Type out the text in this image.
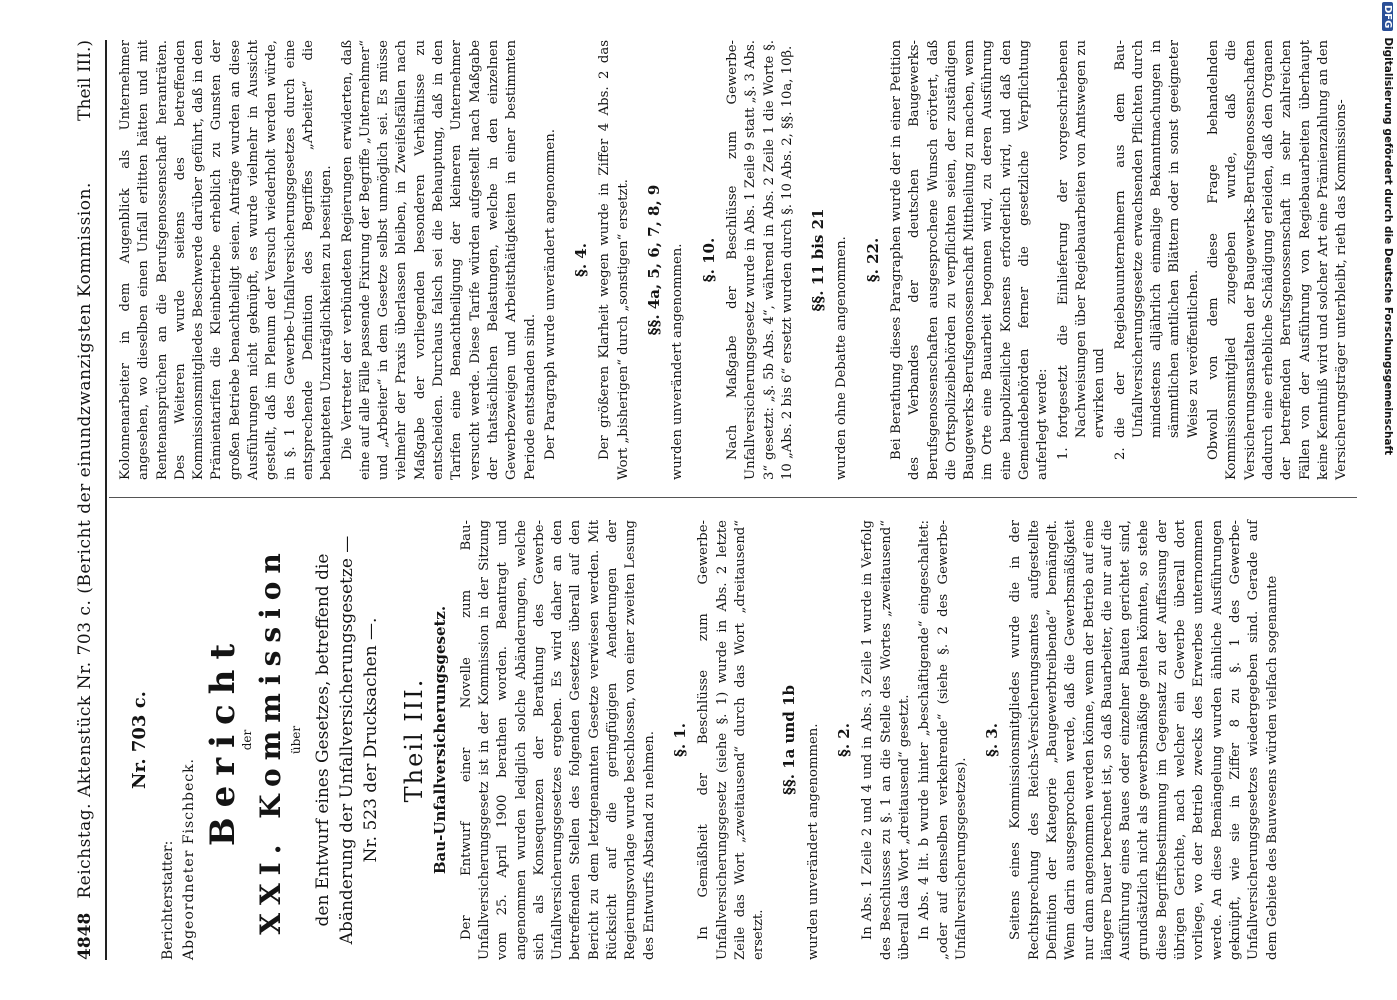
4848
Reichstag. Aktenstück Nr. 703 c. (Bericht der einundzwanzigsten Kommission.
Theil III.)
Nr. 703 c.
Berichterstatter: Abgeordneter Fischbeck.
Bericht
der XXI. Kommission über den Entwurf eines Gesetzes, betreffend die Abänderung der Unfallversicherungsgesetze — Nr. 523 der Drucksachen —. Theil III. Bau-Unfallversicherungsgesetz. Der Entwurf einer Novelle zum Bau-Unfallversicherungsgesetz ist in der Kommission in der Sitzung vom 25. April 1900 berathen worden. Beantragt und angenommen wurden lediglich solche Abänderungen, welche sich als Konsequenzen der Berathung des Gewerbe-Unfallversicherungsgesetzes ergeben. Es wird daher an den betreffenden Stellen des folgenden Gesetzes überall auf den Bericht zu dem letztgenannten Gesetze verwiesen werden. Mit Rücksicht auf die geringfügigen Aenderungen der Regierungsvorlage wurde beschlossen, von einer zweiten Lesung des Entwurfs Abstand zu nehmen. §. 1. In Gemäßheit der Beschlüsse zum Gewerbe-Unfallversicherungsgesetz (siehe §. 1) wurde in Abs. 2 letzte Zeile das Wort „zweitausend“ durch das Wort „dreitausend“ ersetzt.

§§. 1a und 1b wurden unverändert angenommen. §. 2. In Abs. 1 Zeile 2 und 4 und in Abs. 3 Zeile 1 wurde in Verfolg des Beschlusses zu §. 1 an die Stelle des Wortes „zweitausend“ überall das Wort „dreitausend“ gesetzt. In Abs. 4 lit. b wurde hinter „beschäftigende“ eingeschaltet: „oder auf denselben verkehrende“ (siehe §. 2 des Gewerbe-Unfallversicherungsgesetzes).

§. 3. Seitens eines Kommissionsmitgliedes wurde die in der Rechtsprechung des Reichs-Versicherungsamtes aufgestellte Definition der Kategorie „Baugewerbtreibende“ bemängelt. Wenn darin ausgesprochen werde, daß die Gewerbsmäßigkeit nur dann angenommen werden könne, wenn der Betrieb auf eine längere Dauer berechnet ist, so daß Bauarbeiter, die nur auf die Ausführung eines Baues oder einzelner Bauten gerichtet sind, grundsätzlich nicht als gewerbsmäßige gelten könnten, so stehe diese Begriffsbestimmung im Gegensatz zu der Auffassung der übrigen Gerichte, nach welcher ein Gewerbe überall dort vorliege, wo der Betrieb zwecks des Erwerbes unternommen werde. An diese Bemängelung wurden ähnliche Ausführungen geknüpft, wie sie in Ziffer 8 zu §. 1 des Gewerbe-Unfallversicherungsgesetzes wiedergegeben sind. Gerade auf dem Gebiete des Bauwesens würden vielfach sogenannte

Kolonnenarbeiter in dem Augenblick als Unternehmer angesehen, wo dieselben einen Unfall erlitten hätten und mit Rentenansprüchen an die Berufsgenossenschaft heranträten. Des Weiteren wurde seitens des betreffenden Kommissionsmitgliedes Beschwerde darüber geführt, daß in den Prämientarifen die Kleinbetriebe erheblich zu Gunsten der großen Betriebe benachtheiligt seien. Anträge wurden an diese Ausführungen nicht geknüpft, es wurde vielmehr in Aussicht gestellt, daß im Plenum der Versuch wiederholt werden würde, in §. 1 des Gewerbe-Unfallversicherungsgesetzes durch eine entsprechende Definition des Begriffes „Arbeiter“ die behaupteten Unzuträglichkeiten zu beseitigen. Die Vertreter der verbündeten Regierungen erwiderten, daß eine auf alle Fälle passende Fixirung der Begriffe „Unternehmer“ und „Arbeiter“ in dem Gesetze selbst unmöglich sei. Es müsse vielmehr der Praxis überlassen bleiben, in Zweifelsfällen nach Maßgabe der vorliegenden besonderen Verhältnisse zu entscheiden. Durchaus falsch sei die Behauptung, daß in den Tarifen eine Benachtheiligung der kleineren Unternehmer versucht werde. Diese Tarife würden aufgestellt nach Maßgabe der thatsächlichen Belastungen, welche in den einzelnen Gewerbezweigen und Arbeitsthätigkeiten in einer bestimmten Periode entstanden sind. Der Paragraph wurde unverändert angenommen. §. 4. Der größeren Klarheit wegen wurde in Ziffer 4 Abs. 2 das Wort „bisherigen“ durch „sonstigen“ ersetzt. §§. 4a, 5, 6, 7, 8, 9 wurden unverändert angenommen. §. 10. Nach Maßgabe der Beschlüsse zum Gewerbe-Unfallversicherungsgesetz wurde in Abs. 1 Zeile 9 statt „§. 3 Abs. 3“ gesetzt: „§. 5b Abs. 4“, während in Abs. 2 Zeile 1 die Worte §. 10 „Abs. 2 bis 6“ ersetzt wurden durch §. 10 Abs. 2, §§. 10a, 10β. §§. 11 bis 21 wurden ohne Debatte angenommen. §. 22. Bei Berathung dieses Paragraphen wurde der in einer Petition des Verbandes der deutschen Baugewerks-Berufsgenossenschaften ausgesprochene Wunsch erörtert, daß die Ortspolizeibehörden zu verpflichten seien, der zuständigen Baugewerks-Berufsgenossenschaft Mittheilung zu machen, wenn im Orte eine Bauarbeit begonnen wird, zu deren Ausführung eine baupolizeiliche Konsens erforderlich wird, und daß den Gemeindebehörden ferner die gesetzliche Verpflichtung auferlegt werde: 1.
fortgesetzt die Einlieferung der vorgeschriebenen Nachweisungen über Regiebauarbeiten von Amtswegen zu erwirken und
2.
die der Regiebauunternehmern aus dem Bau-Unfallversicherungsgesetze erwachsenden Pflichten durch mindestens alljährlich einmalige Bekanntmachungen in sämmtlichen amtlichen Blättern oder in sonst geeigneter Weise zu veröffentlichen. Obwohl von dem diese Frage behandelnden Kommissionsmitglied zugegeben wurde, daß die Versicherungsanstalten der Baugewerks-Berufsgenossenschaften dadurch eine erhebliche Schädigung erleiden, daß den Organen der betreffenden Berufsgenossenschaft in sehr zahlreichen Fällen von der Ausführung von Regiebauarbeiten überhaupt keine Kenntniß wird und solcher Art eine Prämienzahlung an den Versicherungsträger unterbleibt, rieth das Kommissions-

DFG
Digitalisierung gefördert durch die Deutsche Forschungsgemeinschaft
